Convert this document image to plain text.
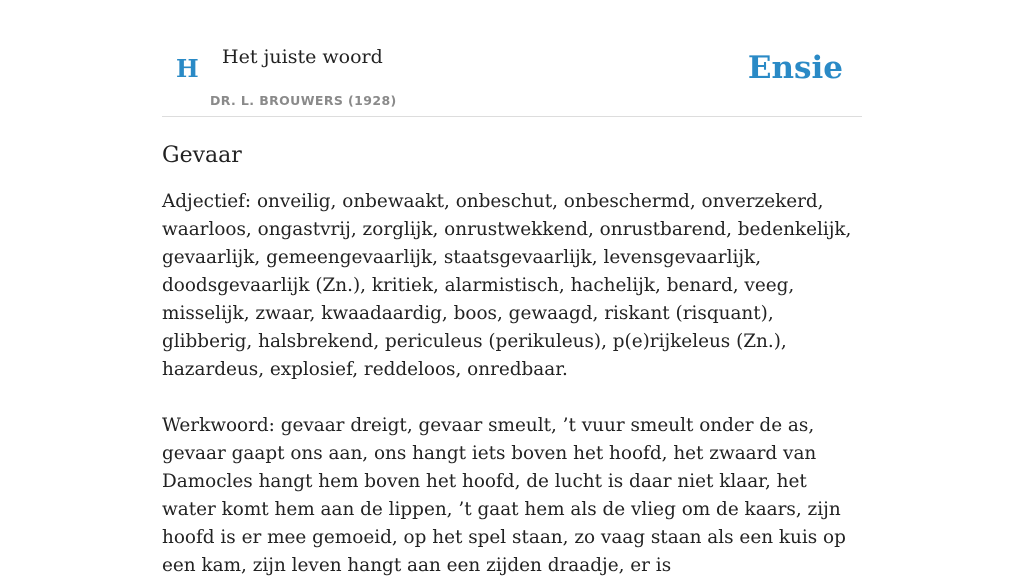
H Het juiste woord
DR. L. BROUWERS (1928)
Ensie
Gevaar

Adjectief: onveilig, onbewaakt, onbeschut, onbeschermd, onverzekerd, waarloos, ongastvrij, zorglijk, onrustwekkend, onrustbarend, bedenkelijk, gevaarlijk, gemeengevaarlijk, staatsgevaarlijk, levensgevaarlijk, doodsgevaarlijk (Zn.), kritiek, alarmistisch, hachelijk, benard, veeg, misselijk, zwaar, kwaadaardig, boos, gewaagd, riskant (risquant), glibberig, halsbrekend, periculeus (perikuleus), p(e)rijkeleus (Zn.), hazardeus, explosief, reddeloos, onredbaar.

Werkwoord: gevaar dreigt, gevaar smeult, ’t vuur smeult onder de as, gevaar gaapt ons aan, ons hangt iets boven het hoofd, het zwaard van Damocles hangt hem boven het hoofd, de lucht is daar niet klaar, het water komt hem aan de lippen, ’t gaat hem als de vlieg om de kaars, zijn hoofd is er mee gemoeid, op het spel staan, zo vaag staan als een kuis op een kam, zijn leven hangt aan een zijden draadje, er is
